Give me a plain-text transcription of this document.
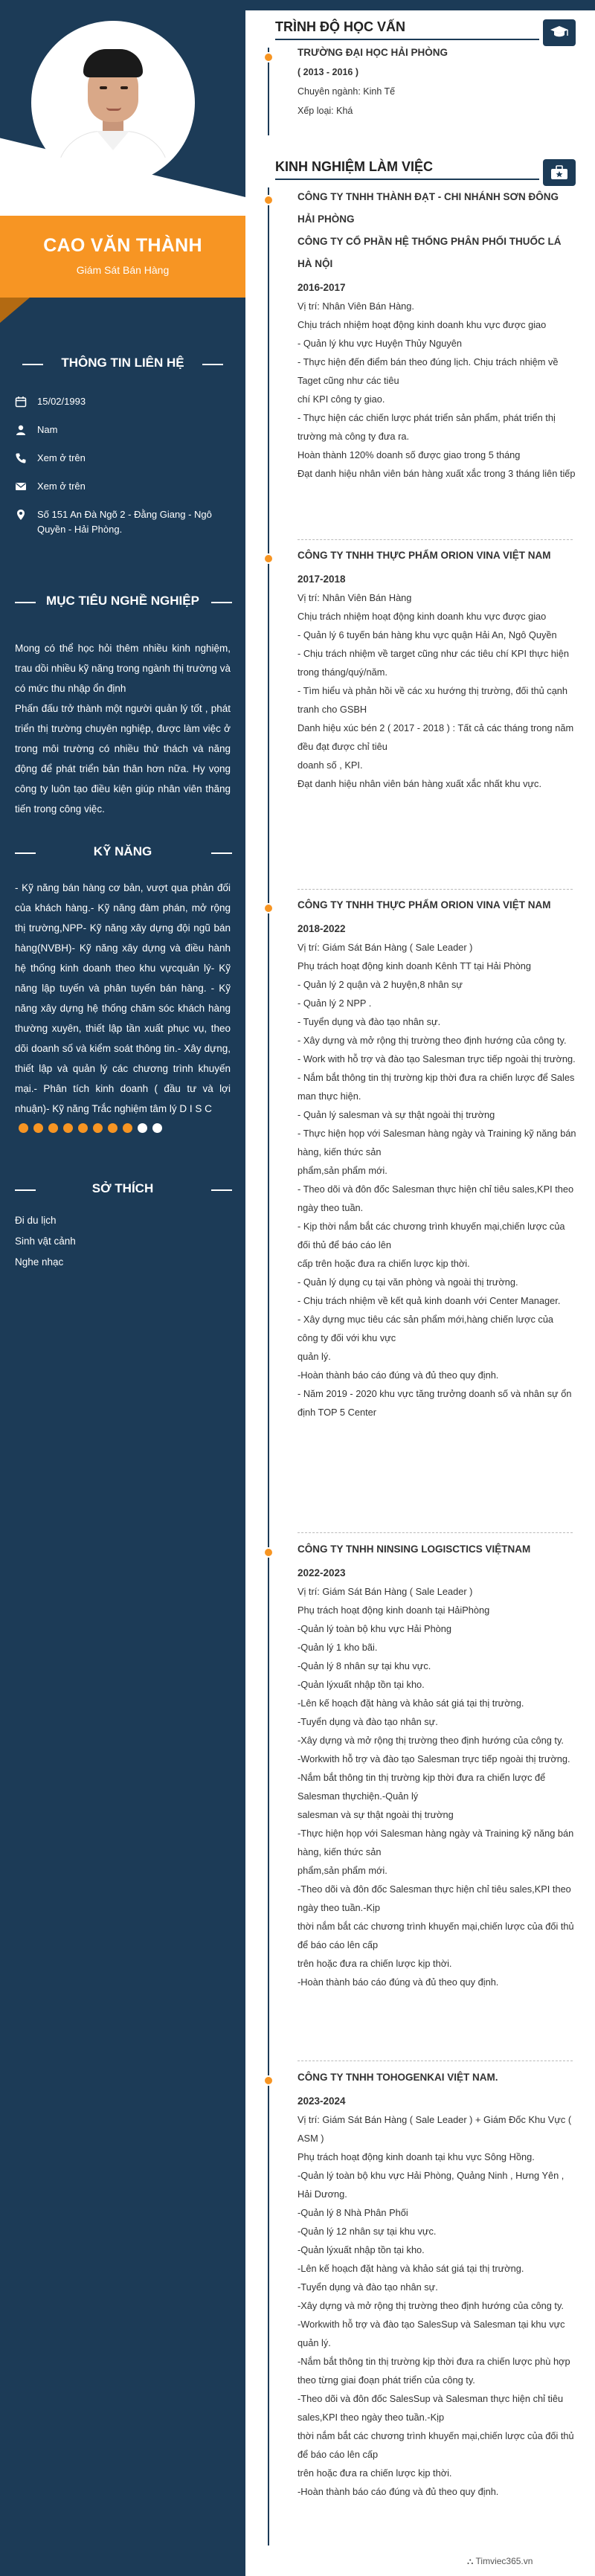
CAO VĂN THÀNH
Giám Sát Bán Hàng
THÔNG TIN LIÊN HỆ
15/02/1993
Nam
Xem ở trên
Xem ở trên
Số 151 An Đà Ngõ 2 - Đằng Giang - Ngô Quyền - Hải Phòng.
MỤC TIÊU NGHỀ NGHIỆP
Mong có thể học hỏi thêm nhiều kinh nghiệm, trau dồi nhiều kỹ năng trong ngành thị trường và có mức thu nhập ổn định
Phấn đấu trở thành một người quản lý tốt , phát triển thị trường chuyên nghiệp, được làm việc ở trong môi trường có nhiều thử thách và năng động để phát triển bản thân hơn nữa. Hy vọng công ty luôn tạo điều kiện giúp nhân viên thăng tiến trong công việc.
KỸ NĂNG
- Kỹ năng bán hàng cơ bản, vượt qua phản đối của khách hàng.- Kỹ năng đàm phán, mở rộng thị trường,NPP- Kỹ năng xây dựng đội ngũ bán hàng(NVBH)- Kỹ năng xây dựng và điều hành hệ thống kinh doanh theo khu vựcquản lý- Kỹ năng lập tuyến và phân tuyến bán hàng. - Kỹ năng xây dựng hệ thống chăm sóc khách hàng thường xuyên, thiết lập tần xuất phục vụ, theo dõi doanh số và kiểm soát thông tin.- Xây dựng, thiết lập và quản lý các chương trình khuyến mại.- Phân tích kinh doanh ( đầu tư và lợi nhuận)- Kỹ năng Trắc nghiệm tâm lý D I S C
SỞ THÍCH
Đi du lịch
Sinh vật cảnh
Nghe nhạc
TRÌNH ĐỘ HỌC VẤN
TRƯỜNG ĐẠI HỌC HẢI PHÒNG
( 2013 - 2016 )
Chuyên ngành: Kinh Tế
Xếp loại: Khá
KINH NGHIỆM LÀM VIỆC
CÔNG TY TNHH THÀNH ĐẠT - CHI NHÁNH SƠN ĐÔNG HẢI PHÒNG
CÔNG TY CỔ PHẦN HỆ THỐNG PHÂN PHỐI THUỐC LÁ HÀ NỘI
2016-2017
Vị trí: Nhân Viên Bán Hàng.
Chịu trách nhiệm hoạt động kinh doanh khu vực được giao
- Quản lý khu vực Huyện Thủy Nguyên
- Thực hiện đến điểm bán theo đúng lịch. Chịu trách nhiệm về Taget cũng như các tiêu
chí KPI công ty giao.
- Thực hiện các chiến lược phát triển sản phẩm, phát triển thị trường mà công ty đưa ra.
Hoàn thành 120% doanh số được giao trong 5 tháng
Đạt danh hiệu nhân viên bán hàng xuất xắc trong 3 tháng liên tiếp
CÔNG TY TNHH THỰC PHẨM ORION VINA VIỆT NAM
2017-2018
Vị trí: Nhân Viên Bán Hàng
Chịu trách nhiệm hoạt động kinh doanh khu vực được giao
- Quản lý 6 tuyến bán hàng khu vực quận Hải An, Ngô Quyền
- Chịu trách nhiệm về target cũng như các tiêu chí KPI thực hiện trong tháng/quý/năm.
- Tìm hiểu và phản hồi về các xu hướng thị trường, đối thủ cạnh tranh cho GSBH
Danh hiệu xúc bén 2 ( 2017 - 2018 ) : Tất cả các tháng trong năm đều đạt được chỉ tiêu
doanh số , KPI.
Đạt danh hiệu nhân viên bán hàng xuất xắc nhất khu vực.
CÔNG TY TNHH THỰC PHẨM ORION VINA VIỆT NAM
2018-2022
Vị trí: Giám Sát Bán Hàng ( Sale Leader )
Phụ trách hoạt động kinh doanh Kênh TT tại Hải Phòng
- Quản lý 2 quận và 2 huyện,8 nhân sự
- Quản lý 2 NPP .
- Tuyển dụng và đào tạo nhân sự.
- Xây dựng và mở rộng thị trường theo định hướng của công ty.
- Work with hỗ trợ và đào tạo Salesman trực tiếp ngoài thị trường.
- Nắm bắt thông tin thị trường kịp thời đưa ra chiến lược để Sales man thực hiện.
- Quản lý salesman và sự thật ngoài thị trường
- Thực hiện họp với Salesman hàng ngày và Training kỹ năng bán hàng, kiến thức sản
phẩm,sản phẩm mới.
- Theo dõi và đôn đốc Salesman thực hiện chỉ tiêu sales,KPI theo ngày theo tuần.
- Kịp thời nắm bắt các chương trình khuyến mại,chiến lược của đối thủ để báo cáo lên
cấp trên hoặc đưa ra chiến lược kịp thời.
- Quản lý dụng cụ tại văn phòng và ngoài thị trường.
- Chịu trách nhiệm về kết quả kinh doanh với Center Manager.
- Xây dựng mục tiêu các sản phẩm mới,hàng chiến lược của công ty đối với khu vực
quản lý.
-Hoàn thành báo cáo đúng và đủ theo quy định.
- Năm 2019 - 2020 khu vực tăng trưởng doanh số và nhân sự ổn định TOP 5 Center
CÔNG TY TNHH NINSING LOGISCTICS VIỆTNAM
2022-2023
Vị trí: Giám Sát Bán Hàng ( Sale Leader )
Phụ trách hoạt động kinh doanh tại HảiPhòng
-Quản lý toàn bộ khu vực Hải Phòng
-Quản lý 1 kho bãi.
-Quản lý 8 nhân sự tại khu vực.
-Quản lýxuất nhập tồn tại kho.
-Lên kế hoạch đặt hàng và khảo sát giá tại thị trường.
-Tuyển dụng và đào tạo nhân sự.
-Xây dựng và mở rộng thị trường theo định hướng của công ty.
-Workwith hỗ trợ và đào tạo Salesman trực tiếp ngoài thị trường.
-Nắm bắt thông tin thị trường kịp thời đưa ra chiến lược để Salesman thựchiện.-Quản lý
salesman và sự thật ngoài thị trường
-Thực hiện họp với Salesman hàng ngày và Training kỹ năng bán hàng, kiến thức sản
phẩm,sản phẩm mới.
-Theo dõi và đôn đốc Salesman thực hiện chỉ tiêu sales,KPI theo ngày theo tuần.-Kịp
thời nắm bắt các chương trình khuyến mại,chiến lược của đối thủ để báo cáo lên cấp
trên hoặc đưa ra chiến lược kịp thời.
-Hoàn thành báo cáo đúng và đủ theo quy định.
CÔNG TY TNHH TOHOGENKAI VIỆT NAM.
2023-2024
Vị trí: Giám Sát Bán Hàng ( Sale Leader ) + Giám Đốc Khu Vực ( ASM )
Phụ trách hoạt động kinh doanh tại khu vực Sông Hồng.
-Quản lý toàn bộ khu vực Hải Phòng, Quảng Ninh , Hưng Yên , Hải Dương.
-Quản lý 8 Nhà Phân Phối
-Quản lý 12 nhân sự tại khu vực.
-Quản lýxuất nhập tồn tại kho.
-Lên kế hoạch đặt hàng và khảo sát giá tại thị trường.
-Tuyển dụng và đào tạo nhân sự.
-Xây dựng và mở rộng thị trường theo định hướng của công ty.
-Workwith hỗ trợ và đào tạo SalesSup và Salesman tại khu vực quản lý.
-Nắm bắt thông tin thị trường kịp thời đưa ra chiến lược phù hợp theo từng giai đoạn phát triển của công ty.
-Theo dõi và đôn đốc SalesSup và Salesman thực hiện chỉ tiêu sales,KPI theo ngày theo tuần.-Kịp
thời nắm bắt các chương trình khuyến mại,chiến lược của đối thủ để báo cáo lên cấp
trên hoặc đưa ra chiến lược kịp thời.
-Hoàn thành báo cáo đúng và đủ theo quy định.
⛬ Timviec365.vn
